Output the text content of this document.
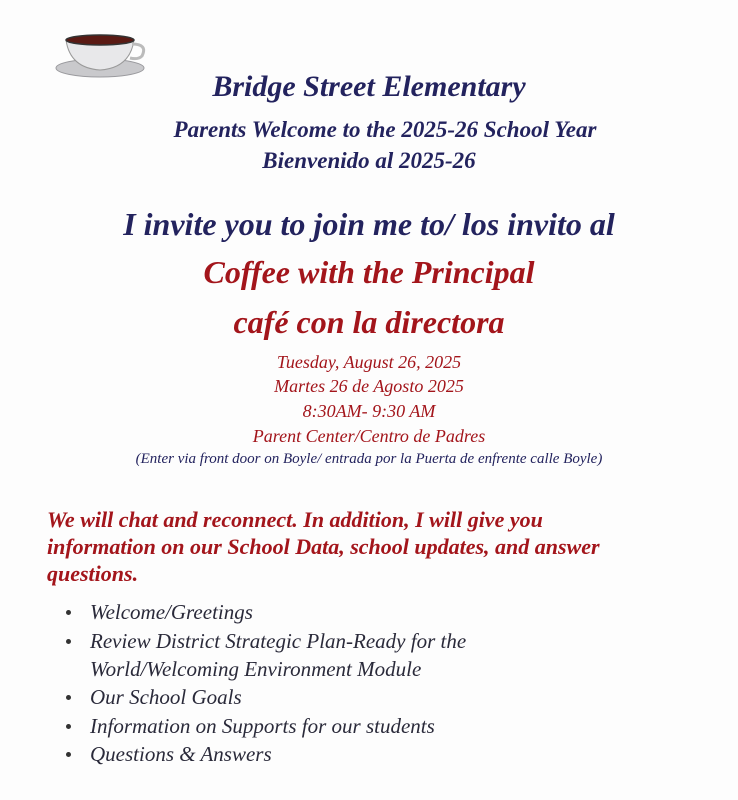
Bridge Street Elementary
Parents Welcome to the 2025-26 School Year
Bienvenido al 2025-26
I invite you to join me to/ los invito al
Coffee with the Principal
café con la directora
Tuesday, August 26, 2025
Martes 26 de Agosto 2025
8:30AM- 9:30 AM
Parent Center/Centro de Padres
(Enter via front door on Boyle/ entrada por la Puerta de enfrente calle Boyle)
We will chat and reconnect. In addition, I will give you
information on our School Data, school updates, and answer
questions.
Welcome/Greetings
Review District Strategic Plan-Ready for the
World/Welcoming Environment Module
Our School Goals
Information on Supports for our students
Questions & Answers
